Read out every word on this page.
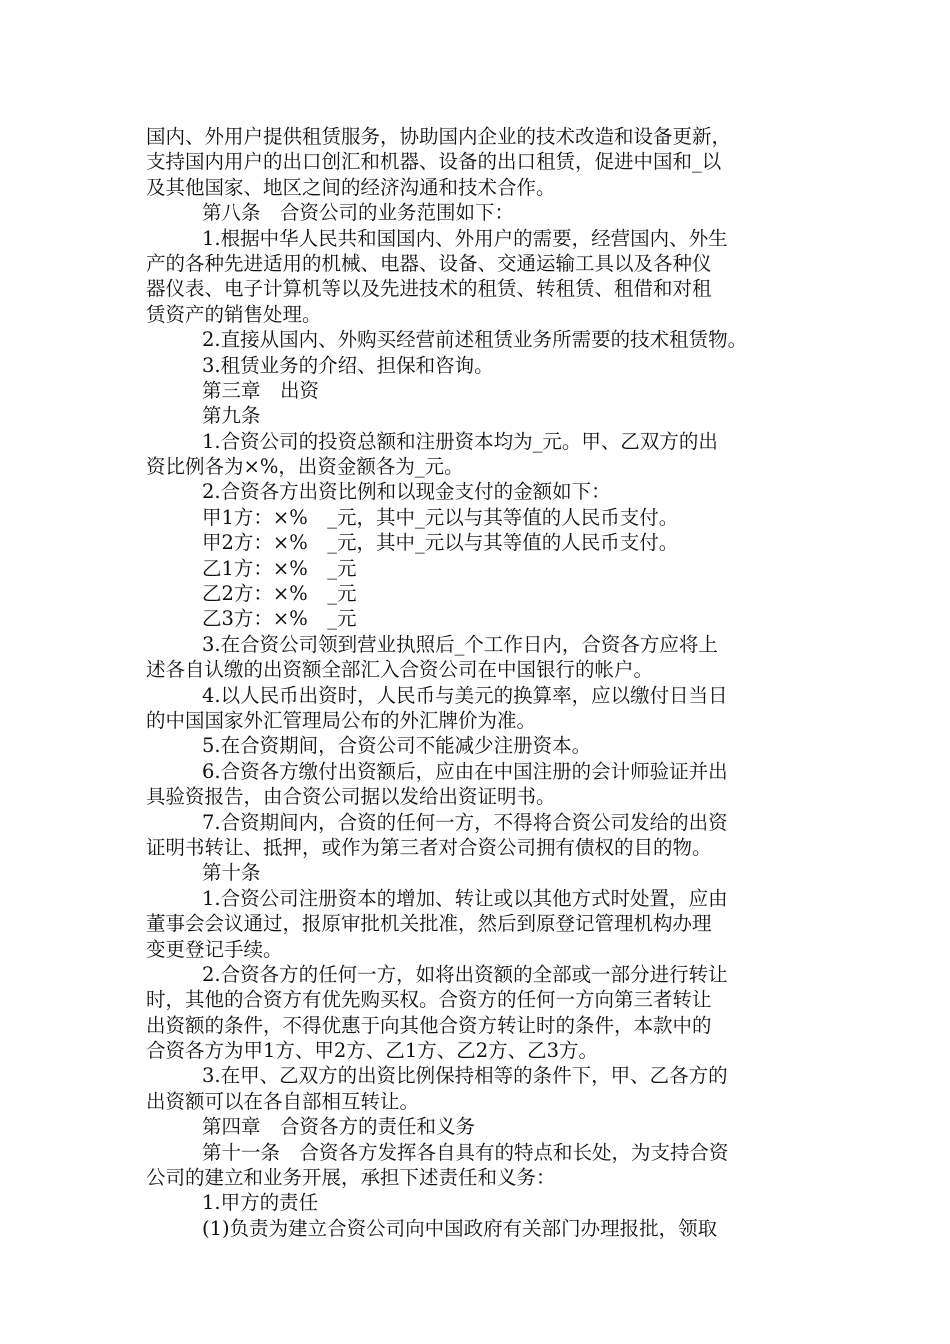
国内、外用户提供租赁服务，协助国内企业的技术改造和设备更新，
支持国内用户的出口创汇和机器、设备的出口租赁，促进中国和_以
及其他国家、地区之间的经济沟通和技术合作。
第八条　合资公司的业务范围如下：
1.根据中华人民共和国国内、外用户的需要，经营国内、外生
产的各种先进适用的机械、电器、设备、交通运输工具以及各种仪
器仪表、电子计算机等以及先进技术的租赁、转租赁、租借和对租
赁资产的销售处理。
2.直接从国内、外购买经营前述租赁业务所需要的技术租赁物。
3.租赁业务的介绍、担保和咨询。
第三章　出资
第九条
1.合资公司的投资总额和注册资本均为_元。甲、乙双方的出
资比例各为×%，出资金额各为_元。
2.合资各方出资比例和以现金支付的金额如下：
甲1方：×%　_元，其中_元以与其等值的人民币支付。
甲2方：×%　_元，其中_元以与其等值的人民币支付。
乙1方：×%　_元
乙2方：×%　_元
乙3方：×%　_元
3.在合资公司领到营业执照后_个工作日内，合资各方应将上
述各自认缴的出资额全部汇入合资公司在中国银行的帐户。
4.以人民币出资时，人民币与美元的换算率，应以缴付日当日
的中国国家外汇管理局公布的外汇牌价为准。
5.在合资期间，合资公司不能减少注册资本。
6.合资各方缴付出资额后，应由在中国注册的会计师验证并出
具验资报告，由合资公司据以发给出资证明书。
7.合资期间内，合资的任何一方，不得将合资公司发给的出资
证明书转让、抵押，或作为第三者对合资公司拥有债权的目的物。
第十条
1.合资公司注册资本的增加、转让或以其他方式时处置，应由
董事会会议通过，报原审批机关批准，然后到原登记管理机构办理
变更登记手续。
2.合资各方的任何一方，如将出资额的全部或一部分进行转让
时，其他的合资方有优先购买权。合资方的任何一方向第三者转让
出资额的条件，不得优惠于向其他合资方转让时的条件，本款中的
合资各方为甲1方、甲2方、乙1方、乙2方、乙3方。
3.在甲、乙双方的出资比例保持相等的条件下，甲、乙各方的
出资额可以在各自部相互转让。
第四章　合资各方的责任和义务
第十一条　合资各方发挥各自具有的特点和长处，为支持合资
公司的建立和业务开展，承担下述责任和义务：
1.甲方的责任
(1)负责为建立合资公司向中国政府有关部门办理报批，领取
